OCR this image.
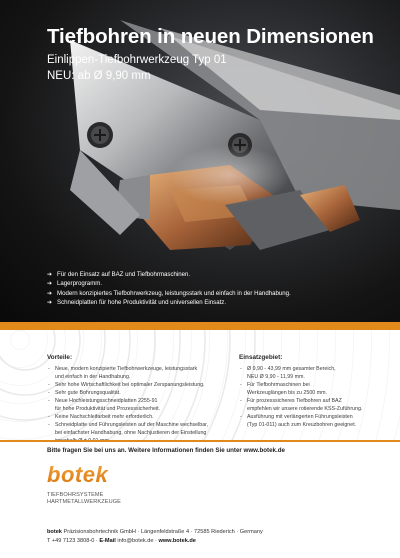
Tiefbohren in neuen Dimensionen
Einlippen-Tiefbohrwerkzeug Typ 01
NEU: ab Ø 9,90 mm
➔ Für den Einsatz auf BAZ und Tiefbohrmaschinen.
➔ Lagerprogramm.
➔ Modern konzipiertes Tiefbohrwerkzeug, leistungsstark und einfach in der Handhabung.
➔ Schneidplatten für hohe Produktivität und universellen Einsatz.
Vorteile:
- Neue, modern konzipierte Tiefbohrwerkzeuge, leistungsstark
und einfach in der Handhabung.
- Sehr hohe Wirtschaftlichkeit bei optimaler Zerspanungsleistung.
- Sehr gute Bohrungsqualität.
- Neue Hochleistungsschneidplatten 2255-91
für hohe Produktivität und Prozesssicherheit.
- Keine Nachschleifarbeit mehr erforderlich.
- Schneidplatte und Führungsleisten auf der Maschine wechselbar,
bei einfachster Handhabung, ohne Nachjustieren der Einstellung
Einsatzgebiet:
- Ø 9,90 - 43,99 mm gesamter Bereich,
NEU Ø 9,90 - 11,99 mm.
- Für Tiefbohrmaschinen bei
Werkzeuglängen bis zu 2500 mm.
- Für prozesssicheres Tiefbohren auf BAZ
empfehlen wir unsere rotierende KSS-Zuführung.
- Ausführung mit verlängerten Führungsleisten
(Typ 01-011) auch zum Kreuzbohren geeignet.
Bitte fragen Sie bei uns an. Weitere Informationen finden Sie unter www.botek.de
botek
TIEFBOHRSYSTEME
HARTMETALLWERKZEUGE
botek Präzisionsbohrtechnik GmbH · Längenfeldstraße 4 · 72585 Riederich · Germany
T +49 7123 3808-0 · E-Mail info@botek.de · www.botek.de
